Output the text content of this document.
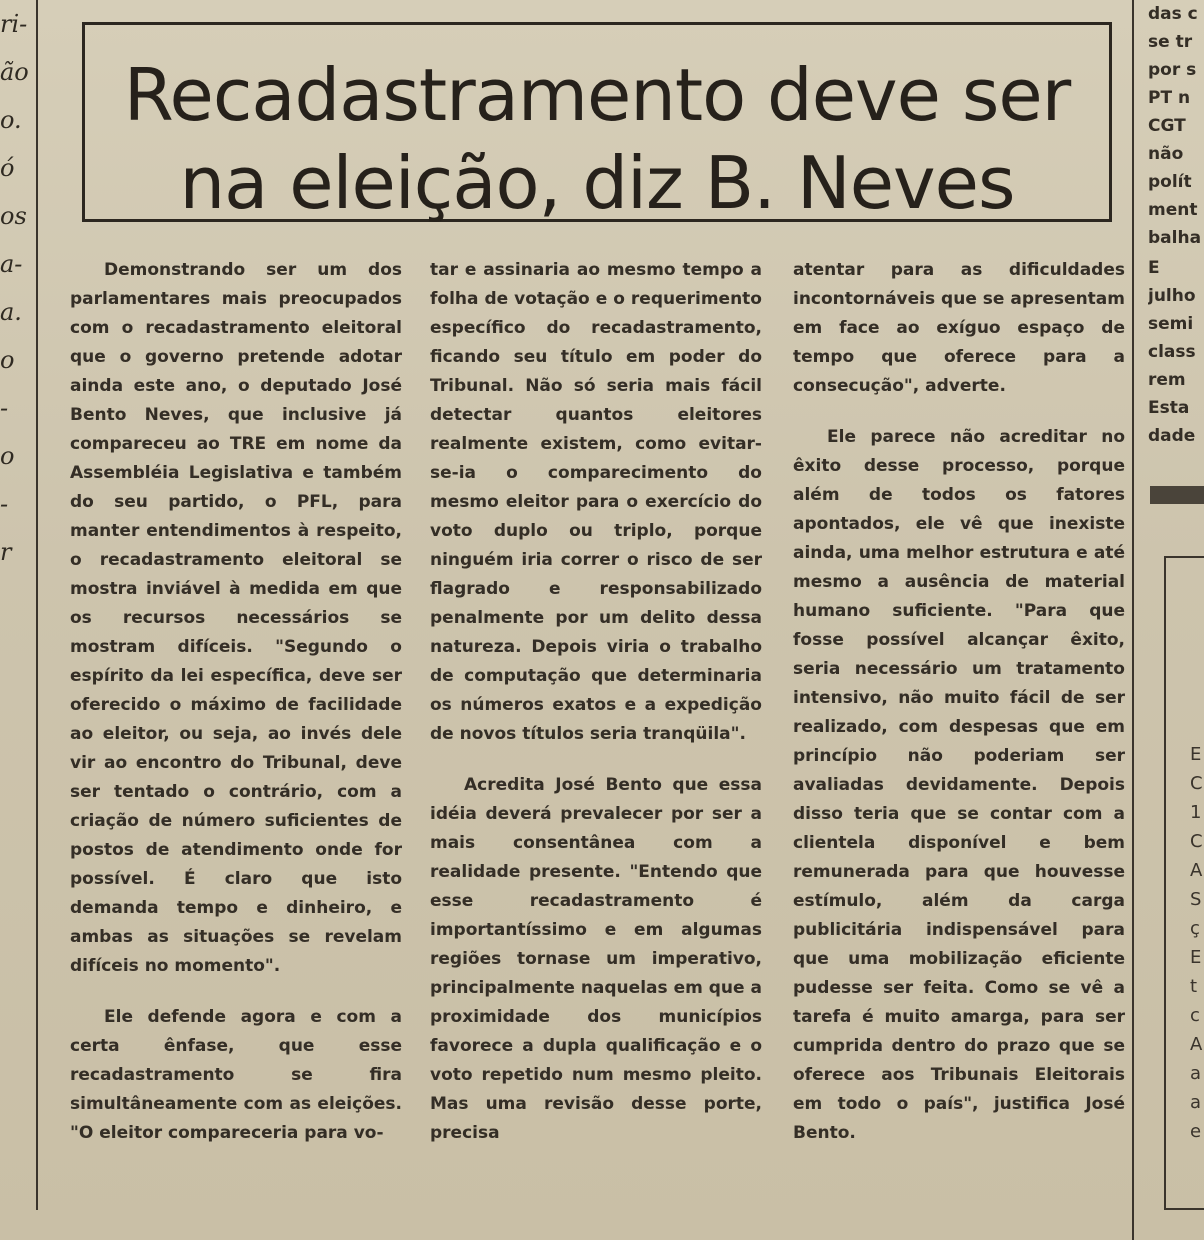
ri-
ão
o.
ó
os
a-
a.
o
-
o
-
r
Recadastramento deve ser
na eleição, diz B. Neves

Demonstrando ser um dos parlamentares mais preocupados com o recadastramento eleitoral que o governo pretende adotar ainda este ano, o deputado José Bento Neves, que inclusive já compareceu ao TRE em nome da Assembléia Legislativa e também do seu partido, o PFL, para manter entendimentos à respeito, o recadastramento eleitoral se mostra inviável à medida em que os recursos necessários se mostram difíceis. "Segundo o espírito da lei específica, deve ser oferecido o máximo de facilidade ao eleitor, ou seja, ao invés dele vir ao encontro do Tribunal, deve ser tentado o contrário, com a criação de número suficientes de postos de atendimento onde for possível. É claro que isto demanda tempo e dinheiro, e ambas as situações se revelam difíceis no momento".

Ele defende agora e com a certa ênfase, que esse recadastramento se fira simultâneamente com as eleições. "O eleitor compareceria para vo-

tar e assinaria ao mesmo tempo a folha de votação e o requerimento específico do recadastramento, ficando seu título em poder do Tribunal. Não só seria mais fácil detectar quantos eleitores realmente existem, como evitar-se-ia o comparecimento do mesmo eleitor para o exercício do voto duplo ou triplo, porque ninguém iria correr o risco de ser flagrado e responsabilizado penalmente por um delito dessa natureza. Depois viria o trabalho de computação que determinaria os números exatos e a expedição de novos títulos seria tranqüila".

Acredita José Bento que essa idéia deverá prevalecer por ser a mais consentânea com a realidade presente. "Entendo que esse recadastramento é importantíssimo e em algumas regiões tornase um imperativo, principalmente naquelas em que a proximidade dos municípios favorece a dupla qualificação e o voto repetido num mesmo pleito. Mas uma revisão desse porte, precisa

atentar para as dificuldades incontornáveis que se apresentam em face ao exíguo espaço de tempo que oferece para a consecução", adverte.

Ele parece não acreditar no êxito desse processo, porque além de todos os fatores apontados, ele vê que inexiste ainda, uma melhor estrutura e até mesmo a ausência de material humano suficiente. "Para que fosse possível alcançar êxito, seria necessário um tratamento intensivo, não muito fácil de ser realizado, com despesas que em princípio não poderiam ser avaliadas devidamente. Depois disso teria que se contar com a clientela disponível e bem remunerada para que houvesse estímulo, além da carga publicitária indispensável para que uma mobilização eficiente pudesse ser feita. Como se vê a tarefa é muito amarga, para ser cumprida dentro do prazo que se oferece aos Tribunais Eleitorais em todo o país", justifica José Bento.

das c
se tr
por s
PT n
CGT
não
polít
ment
balha
E
julho
semi
class
rem
Esta
dade
E
C
1
C
A
S
ç
E
t
c
A
a
a
e
